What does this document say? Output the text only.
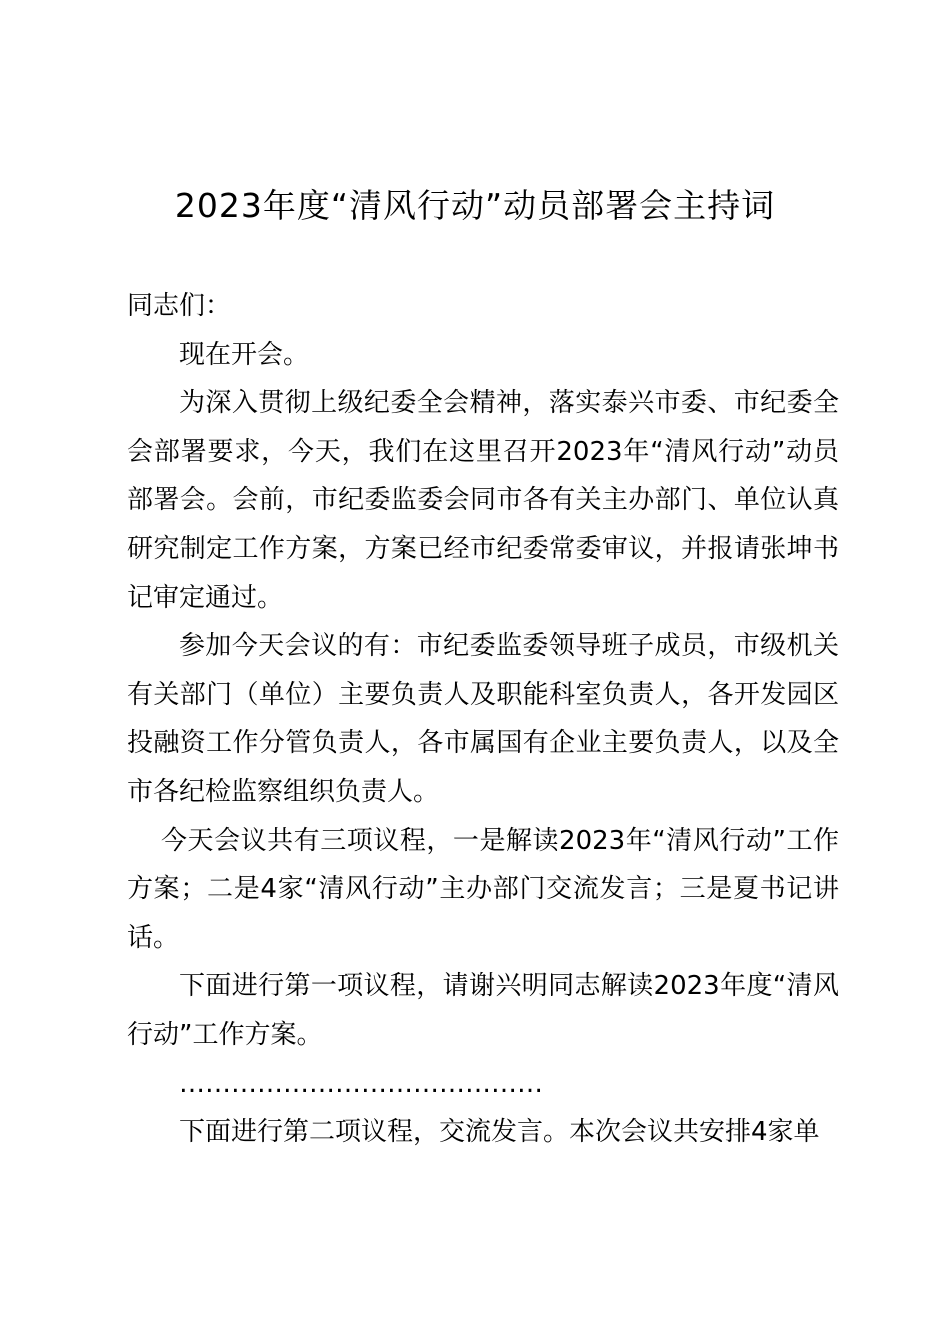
2023年度“清风行动”动员部署会主持词

同志们：

现在开会。

为深入贯彻上级纪委全会精神，落实泰兴市委、市纪委全会部署要求，今天，我们在这里召开2023年“清风行动”动员部署会。会前，市纪委监委会同市各有关主办部门、单位认真研究制定工作方案，方案已经市纪委常委审议，并报请张坤书记审定通过。

参加今天会议的有：市纪委监委领导班子成员，市级机关有关部门（单位）主要负责人及职能科室负责人，各开发园区投融资工作分管负责人，各市属国有企业主要负责人，以及全市各纪检监察组织负责人。

今天会议共有三项议程，一是解读2023年“清风行动”工作方案；二是4家“清风行动”主办部门交流发言；三是夏书记讲话。

下面进行第一项议程，请谢兴明同志解读2023年度“清风行动”工作方案。

……………………………………

下面进行第二项议程，交流发言。本次会议共安排4家单
